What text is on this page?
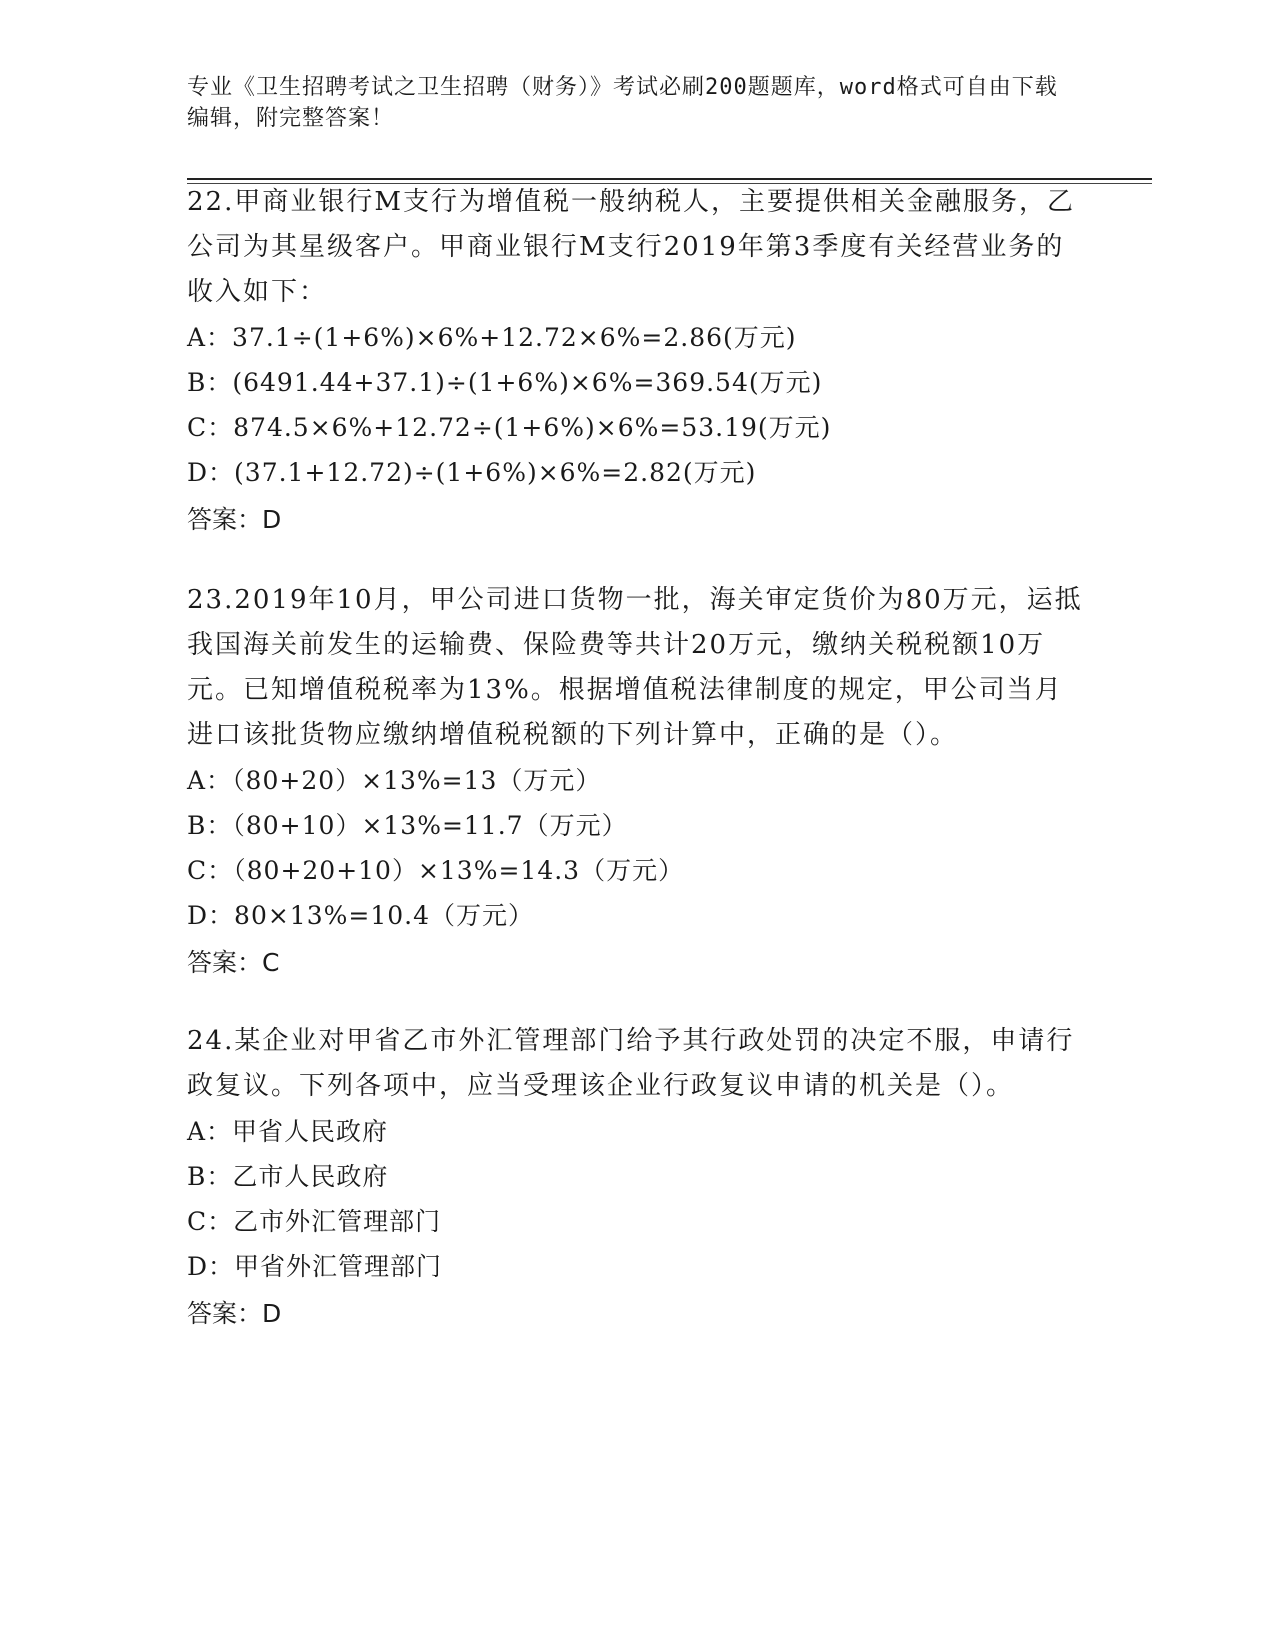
专业《卫生招聘考试之卫生招聘（财务）》考试必刷200题题库，word格式可自由下载编辑，附完整答案！

22.甲商业银行M支行为增值税一般纳税人，主要提供相关金融服务，乙公司为其星级客户。甲商业银行M支行2019年第3季度有关经营业务的收入如下：

A：37.1÷(1+6%)×6%+12.72×6%=2.86(万元)
B：(6491.44+37.1)÷(1+6%)×6%=369.54(万元)
C：874.5×6%+12.72÷(1+6%)×6%=53.19(万元)
D：(37.1+12.72)÷(1+6%)×6%=2.82(万元)
答案：D

23.2019年10月，甲公司进口货物一批，海关审定货价为80万元，运抵我国海关前发生的运输费、保险费等共计20万元，缴纳关税税额10万元。已知增值税税率为13%。根据增值税法律制度的规定，甲公司当月进口该批货物应缴纳增值税税额的下列计算中，正确的是（）。

A：（80+20）×13%=13（万元）
B：（80+10）×13%=11.7（万元）
C：（80+20+10）×13%=14.3（万元）
D：80×13%=10.4（万元）
答案：C

24.某企业对甲省乙市外汇管理部门给予其行政处罚的决定不服，申请行政复议。下列各项中，应当受理该企业行政复议申请的机关是（）。

A：甲省人民政府
B：乙市人民政府
C：乙市外汇管理部门
D：甲省外汇管理部门
答案：D
